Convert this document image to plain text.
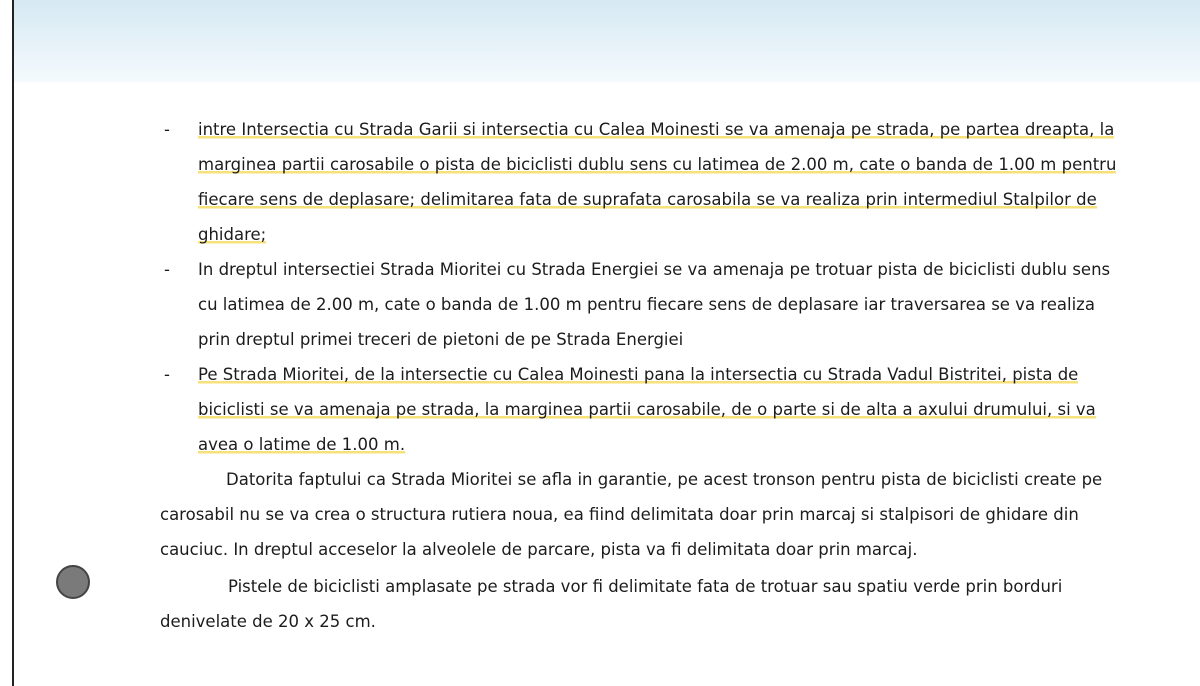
- intre Intersectia cu Strada Garii si intersectia cu Calea Moinesti se va amenaja pe strada, pe partea dreapta, la marginea partii carosabile o pista de biciclisti dublu sens cu latimea de 2.00 m, cate o banda de 1.00 m pentru fiecare sens de deplasare; delimitarea fata de suprafata carosabila se va realiza prin intermediul Stalpilor de ghidare;
- In dreptul intersectiei Strada Mioritei cu Strada Energiei se va amenaja pe trotuar pista de biciclisti dublu sens cu latimea de 2.00 m, cate o banda de 1.00 m pentru fiecare sens de deplasare iar traversarea se va realiza prin dreptul primei treceri de pietoni de pe Strada Energiei
- Pe Strada Mioritei, de la intersectie cu Calea Moinesti pana la intersectia cu Strada Vadul Bistritei, pista de biciclisti se va amenaja pe strada, la marginea partii carosabile, de o parte si de alta a axului drumului, si va avea o latime de 1.00 m.
Datorita faptului ca Strada Mioritei se afla in garantie, pe acest tronson pentru pista de biciclisti create pe carosabil nu se va crea o structura rutiera noua, ea fiind delimitata doar prin marcaj si stalpisori de ghidare din cauciuc. In dreptul acceselor la alveolele de parcare, pista va fi delimitata doar prin marcaj.
Pistele de biciclisti amplasate pe strada vor fi delimitate fata de trotuar sau spatiu verde prin borduri denivelate de 20 x 25 cm.
